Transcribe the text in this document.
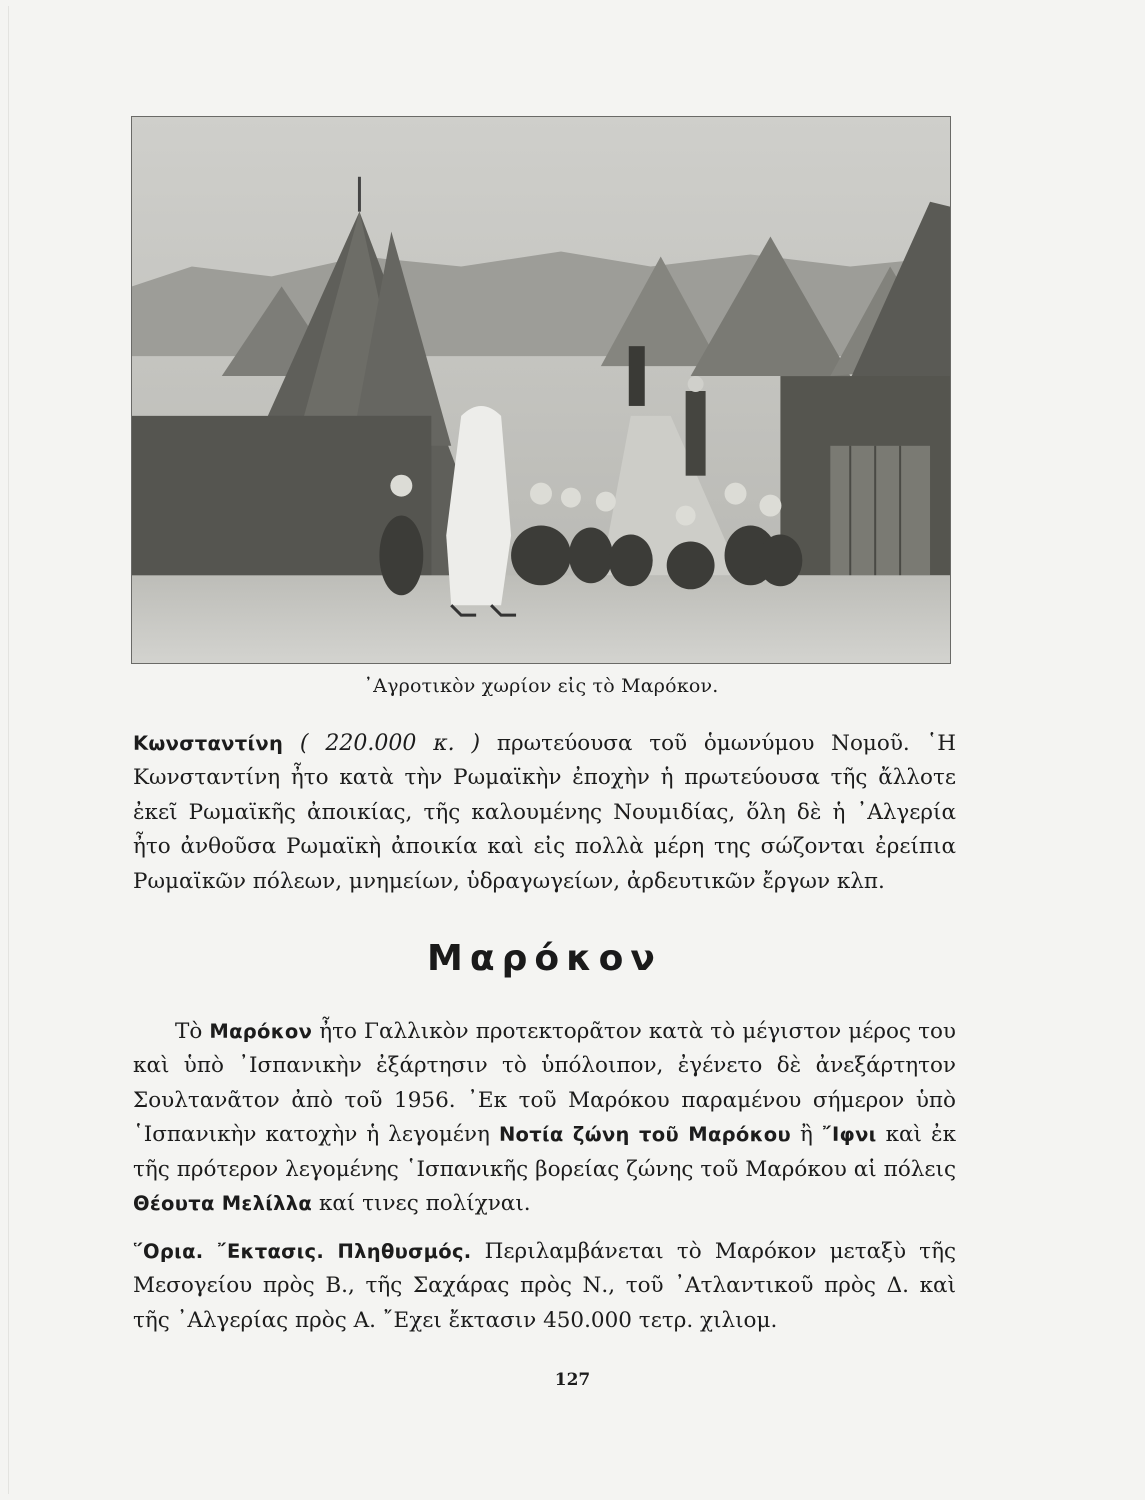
᾿Αγροτικὸν χωρίον εἰς τὸ Μαρόκον.
Κωνσταντίνη ( 220.000 κ. ) πρωτεύουσα τοῦ ὁμωνύμου Νομοῦ. ῾Η Κωνσταντίνη ἦτο κατὰ τὴν Ρωμαϊκὴν ἐποχὴν ἡ πρωτεύουσα τῆς ἄλλοτε ἐκεῖ Ρωμαϊκῆς ἀποικίας, τῆς καλουμένης Νουμιδίας, ὅλη δὲ ἡ ᾿Αλγερία ἦτο ἀνθοῦσα Ρωμαϊκὴ ἀποικία καὶ εἰς πολλὰ μέρη της σώζονται ἐρείπια Ρωμαϊκῶν πόλεων, μνημείων, ὑδραγωγείων, ἀρδευτικῶν ἔργων κλπ.
Μαρόκον
Τὸ Μαρόκον ἦτο Γαλλικὸν προτεκτορᾶτον κατὰ τὸ μέγιστον μέρος του καὶ ὑπὸ ᾿Ισπανικὴν ἐξάρτησιν τὸ ὑπόλοιπον, ἐγένετο δὲ ἀνεξάρτητον Σουλτανᾶτον ἀπὸ τοῦ 1956. ᾿Εκ τοῦ Μαρόκου παραμένου σήμερον ὑπὸ ῾Ισπανικὴν κατοχὴν ἡ λεγομένη Νοτία ζώνη τοῦ Μαρόκου ἢ ῎Ιφνι καὶ ἐκ τῆς πρότερον λεγομένης ῾Ισπανικῆς βορείας ζώνης τοῦ Μαρόκου αἱ πόλεις Θέουτα Μελίλλα καί τινες πολίχναι.
῞Ορια. ῎Εκτασις. Πληθυσμός. Περιλαμβάνεται τὸ Μαρόκον μεταξὺ τῆς Μεσογείου πρὸς Β., τῆς Σαχάρας πρὸς Ν., τοῦ ᾿Ατλαντικοῦ πρὸς Δ. καὶ τῆς ᾿Αλγερίας πρὸς Α. ῎Εχει ἔκτασιν 450.000 τετρ. χιλιομ.
127
